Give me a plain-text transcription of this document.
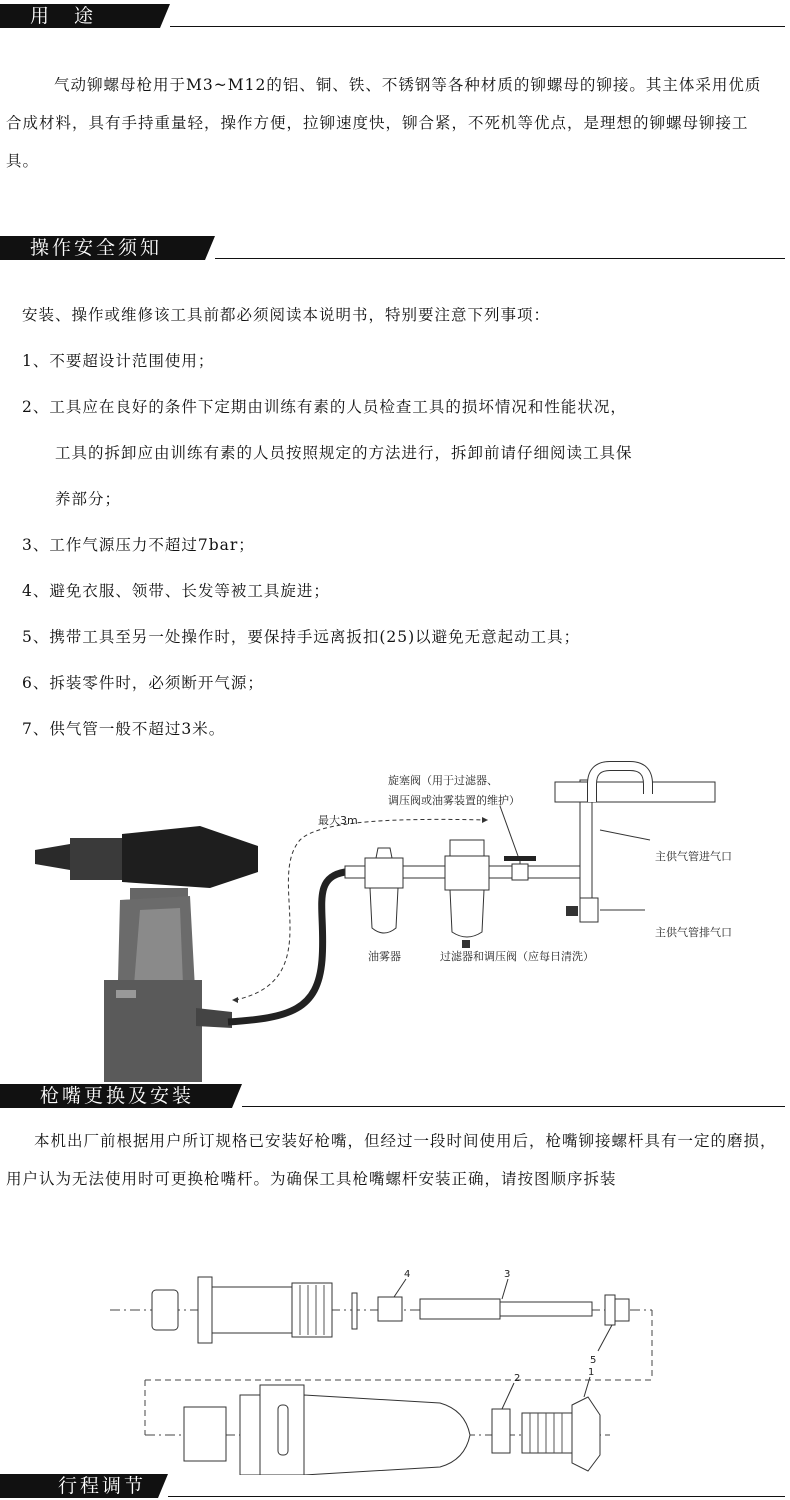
用　途
气动铆螺母枪用于M3~M12的铝、铜、铁、不锈钢等各种材质的铆螺母的铆接。其主体采用优质合成材料，具有手持重量轻，操作方便，拉铆速度快，铆合紧，不死机等优点，是理想的铆螺母铆接工具。
操作安全须知
安装、操作或维修该工具前都必须阅读本说明书，特别要注意下列事项：
1、不要超设计范围使用；
2、工具应在良好的条件下定期由训练有素的人员检查工具的损坏情况和性能状况，
工具的拆卸应由训练有素的人员按照规定的方法进行，拆卸前请仔细阅读工具保
养部分；
3、工作气源压力不超过7bar；
4、避免衣服、领带、长发等被工具旋进；
5、携带工具至另一处操作时，要保持手远离扳扣(25)以避免无意起动工具；
6、拆装零件时，必须断开气源；
7、供气管一般不超过3米。
最大3m
油雾器	过滤器和调压阀（应每日清洗）
旋塞阀（用于过滤器、
调压阀或油雾装置的维护）
主供气管进气口
主供气管排气口
枪嘴更换及安装
本机出厂前根据用户所订规格已安装好枪嘴，但经过一段时间使用后，枪嘴铆接螺杆具有一定的磨损，用户认为无法使用时可更换枪嘴杆。为确保工具枪嘴螺杆安装正确，请按图顺序拆装
4	3
5
2
1
行程调节
